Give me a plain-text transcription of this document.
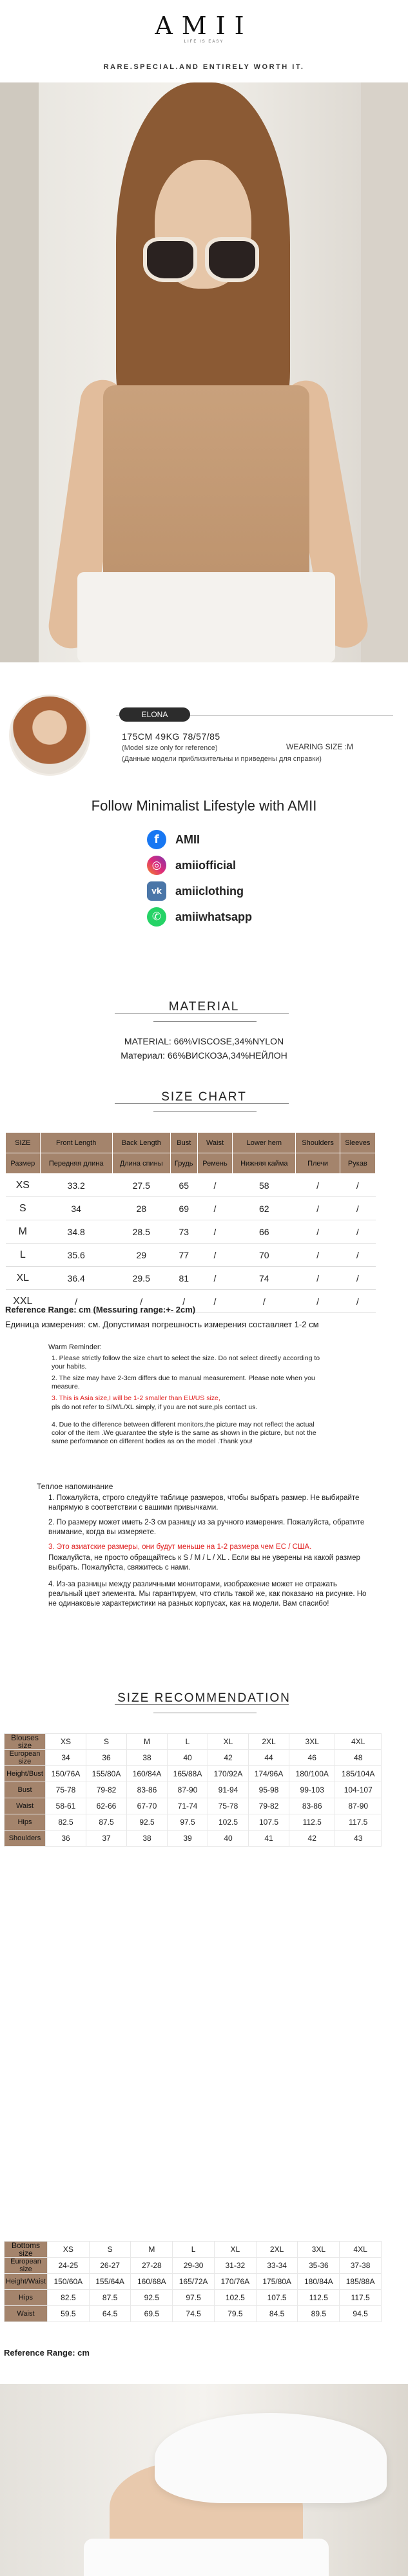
AMII
LIFE IS EASY
RARE.SPECIAL.AND ENTIRELY WORTH IT.
ELONA
175CM 49KG 78/57/85
(Model size only for reference)
(Данные модели приблизительны и приведены для справки)
WEARING SIZE :M
Follow Minimalist Lifestyle with AMII
f	AMII
◎	amiiofficial
vk	amiiclothing
✆	amiiwhatsapp
MATERIAL
MATERIAL: 66%VISCOSE,34%NYLON
Материал: 66%ВИСКОЗА,34%НЕЙЛОН
SIZE CHART
SIZE	Front Length	Back Length	Bust	Waist	Lower hem	Shoulders	Sleeves
Размер	Передняя длина	Длина спины	Грудь	Ремень	Нижняя кайма	Плечи	Рукав
XS	33.2	27.5	65	/	58	/	/
S	34	28	69	/	62	/	/
M	34.8	28.5	73	/	66	/	/
L	35.6	29	77	/	70	/	/
XL	36.4	29.5	81	/	74	/	/
XXL	/	/	/	/	/	/	/
Reference Range: cm (Messuring range:+- 2cm)
Единица измерения: см. Допустимая погрешность измерения составляет 1-2 см
Warm Reminder:
1. Please strictly follow the size chart to select the size. Do not select directly according to your habits.
2. The size may have 2-3cm differs due to manual measurement. Please note when you measure.
3. This is Asia size,I will be 1-2 smaller than EU/US size,
pls do not refer to S/M/L/XL simply, if you are not sure,pls contact us.
4. Due to the difference between different monitors,the picture may not reflect the actual color of the item .We guarantee the style is the same as shown in the picture, but not the same performance on different bodies as on the model .Thank you!
Теплое напоминание
1. Пожалуйста, строго следуйте таблице размеров, чтобы выбрать размер. Не выбирайте напрямую в соответствии с вашими привычками.
2. По размеру может иметь 2-3 см разницу из за ручного измерения. Пожалуйста, обратите внимание, когда вы измеряете.
3. Это азиатские размеры, они будут меньше на 1-2 размера чем ЕС / США.
Пожалуйста, не просто обращайтесь к S / M / L / XL . Если вы не уверены на какой размер выбрать. Пожалуйста, свяжитесь с нами.
4. Из-за разницы между различными мониторами, изображение может не отражать реальный цвет элемента. Мы гарантируем, что стиль такой же, как показано на рисунке. Но не одинаковые характеристики на разных корпусах, как на модели. Вам спасибо!
SIZE RECOMMENDATION
Blouses size	XS	S	M	L	XL	2XL	3XL	4XL
European size	34	36	38	40	42	44	46	48
Height/Bust	150/76A	155/80A	160/84A	165/88A	170/92A	174/96A	180/100A	185/104A
Bust	75-78	79-82	83-86	87-90	91-94	95-98	99-103	104-107
Waist	58-61	62-66	67-70	71-74	75-78	79-82	83-86	87-90
Hips	82.5	87.5	92.5	97.5	102.5	107.5	112.5	117.5
Shoulders	36	37	38	39	40	41	42	43
Bottoms size	XS	S	M	L	XL	2XL	3XL	4XL
European size	24-25	26-27	27-28	29-30	31-32	33-34	35-36	37-38
Height/Waist	150/60A	155/64A	160/68A	165/72A	170/76A	175/80A	180/84A	185/88A
Hips	82.5	87.5	92.5	97.5	102.5	107.5	112.5	117.5
Waist	59.5	64.5	69.5	74.5	79.5	84.5	89.5	94.5
Reference Range: cm
